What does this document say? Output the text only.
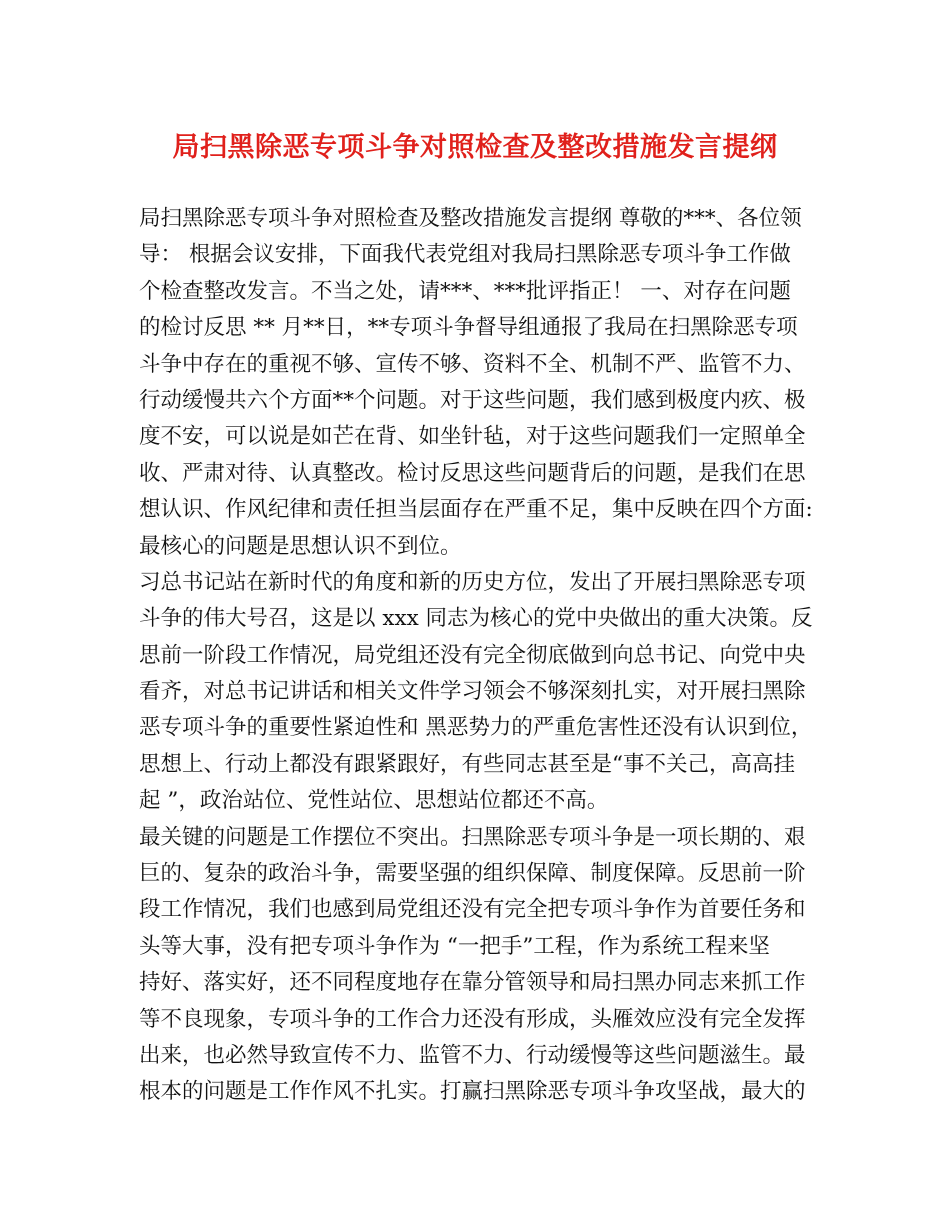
局扫黑除恶专项斗争对照检查及整改措施发言提纲
局扫黑除恶专项斗争对照检查及整改措施发言提纲 尊敬的***、各位领
导： 根据会议安排，下面我代表党组对我局扫黑除恶专项斗争工作做
个检查整改发言。不当之处，请***、***批评指正！ 一、对存在问题
的检讨反思 ** 月**日，**专项斗争督导组通报了我局在扫黑除恶专项
斗争中存在的重视不够、宣传不够、资料不全、机制不严、监管不力、
行动缓慢共六个方面**个问题。对于这些问题，我们感到极度内疚、极
度不安，可以说是如芒在背、如坐针毡，对于这些问题我们一定照单全
收、严肃对待、认真整改。检讨反思这些问题背后的问题，是我们在思
想认识、作风纪律和责任担当层面存在严重不足，集中反映在四个方面:
最核心的问题是思想认识不到位。
习总书记站在新时代的角度和新的历史方位，发出了开展扫黑除恶专项
斗争的伟大号召，这是以 xxx 同志为核心的党中央做出的重大决策。反
思前一阶段工作情况，局党组还没有完全彻底做到向总书记、向党中央
看齐，对总书记讲话和相关文件学习领会不够深刻扎实，对开展扫黑除
恶专项斗争的重要性紧迫性和 黑恶势力的严重危害性还没有认识到位，
思想上、行动上都没有跟紧跟好，有些同志甚至是“事不关己，高高挂
起 ”，政治站位、党性站位、思想站位都还不高。
最关键的问题是工作摆位不突出。扫黑除恶专项斗争是一项长期的、艰
巨的、复杂的政治斗争，需要坚强的组织保障、制度保障。反思前一阶
段工作情况，我们也感到局党组还没有完全把专项斗争作为首要任务和
头等大事，没有把专项斗争作为 “一把手”工程，作为系统工程来坚
持好、落实好，还不同程度地存在靠分管领导和局扫黑办同志来抓工作
等不良现象，专项斗争的工作合力还没有形成，头雁效应没有完全发挥
出来，也必然导致宣传不力、监管不力、行动缓慢等这些问题滋生。最
根本的问题是工作作风不扎实。打赢扫黑除恶专项斗争攻坚战，最大的
